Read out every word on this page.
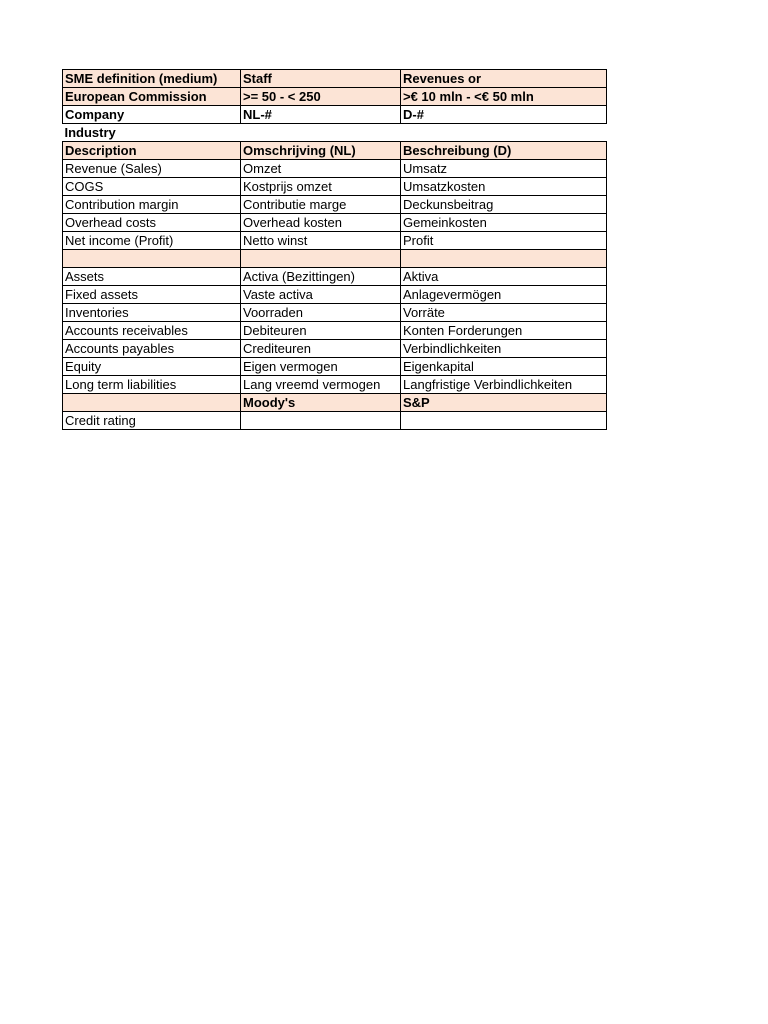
SME definition (medium)	Staff	Revenues or
European Commission	>= 50 - < 250	>€ 10 mln - <€ 50 mln
Company	NL-#	D-#
Industry		
Description	Omschrijving (NL)	Beschreibung (D)
Revenue (Sales)	Omzet	Umsatz
COGS	Kostprijs omzet	Umsatzkosten
Contribution margin	Contributie marge	Deckunsbeitrag
Overhead costs	Overhead kosten	Gemeinkosten
Net income (Profit)	Netto winst	Profit

Assets	Activa (Bezittingen)	Aktiva
Fixed assets	Vaste activa	Anlagevermögen
Inventories	Voorraden	Vorräte
Accounts receivables	Debiteuren	Konten Forderungen
Accounts payables	Crediteuren	Verbindlichkeiten
Equity	Eigen vermogen	Eigenkapital
Long term liabilities	Lang vreemd vermogen	Langfristige Verbindlichkeiten
	Moody's	S&P
Credit rating		
